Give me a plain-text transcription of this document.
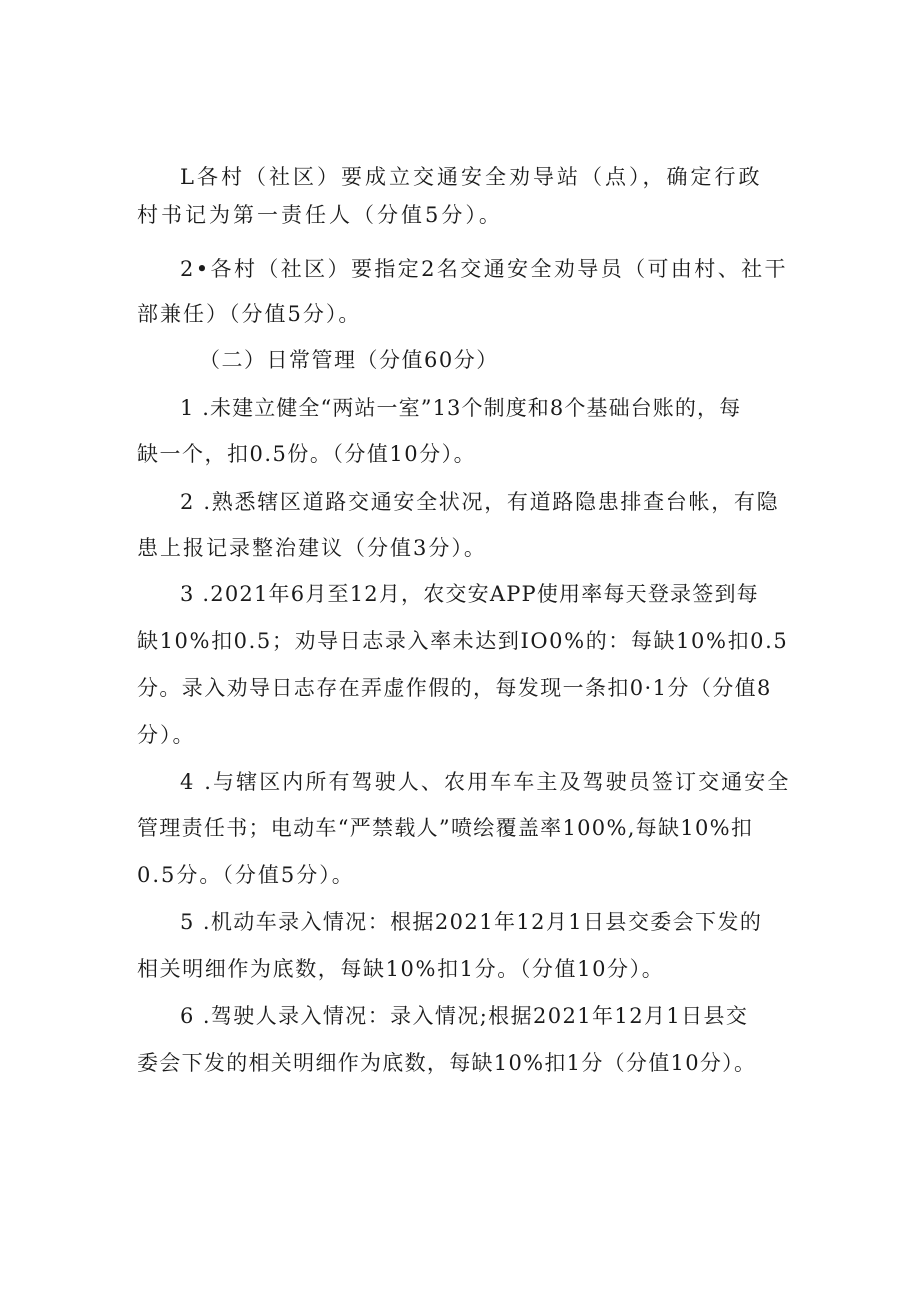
L各村（社区）要成立交通安全劝导站（点），确定行政
村书记为第一责任人（分值5分）。
2•各村（社区）要指定2名交通安全劝导员（可由村、社干
部兼任）（分值5分）。
（二）日常管理（分值60分）
1 .未建立健全“两站一室”13个制度和8个基础台账的，每
缺一个，扣0.5份。（分值10分）。
2 .熟悉辖区道路交通安全状况，有道路隐患排查台帐，有隐
患上报记录整治建议（分值3分）。
3 .2021年6月至12月，农交安APP使用率每天登录签到每
缺10%扣0.5；劝导日志录入率未达到IO0%的：每缺10%扣0.5
分。录入劝导日志存在弄虚作假的，每发现一条扣0·1分（分值8
分）。
4 .与辖区内所有驾驶人、农用车车主及驾驶员签订交通安全
管理责任书；电动车“严禁载人”喷绘覆盖率100%,每缺10%扣
0.5分。（分值5分）。
5 .机动车录入情况：根据2021年12月1日县交委会下发的
相关明细作为底数，每缺10%扣1分。（分值10分）。
6 .驾驶人录入情况：录入情况;根据2021年12月1日县交
委会下发的相关明细作为底数，每缺10%扣1分（分值10分）。
